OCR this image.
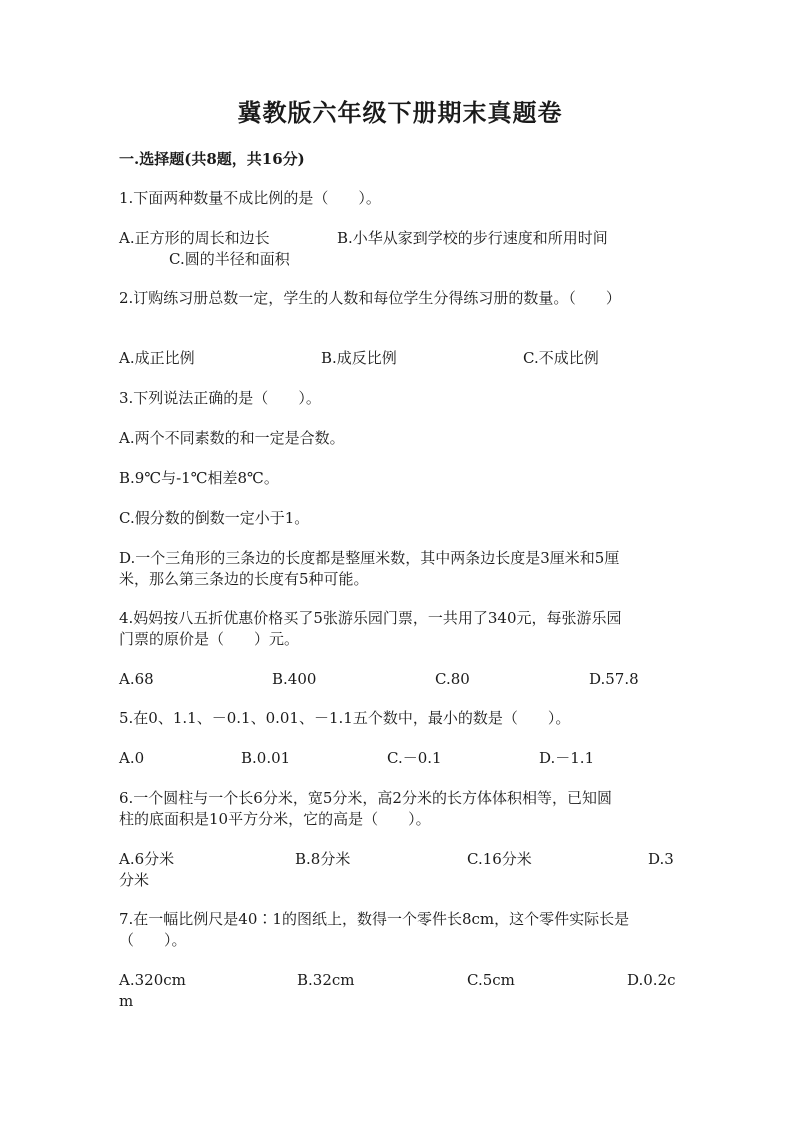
冀教版六年级下册期末真题卷
一.选择题(共8题，共16分)
1.下面两种数量不成比例的是（　　）。
A.正方形的周长和边长	B.小华从家到学校的步行速度和所用时间
C.圆的半径和面积
2.订购练习册总数一定，学生的人数和每位学生分得练习册的数量。（　　）
A.成正比例	B.成反比例	C.不成比例
3.下列说法正确的是（　　）。
A.两个不同素数的和一定是合数。
B.9℃与-1℃相差8℃。
C.假分数的倒数一定小于1。
D.一个三角形的三条边的长度都是整厘米数，其中两条边长度是3厘米和5厘
米，那么第三条边的长度有5种可能。
4.妈妈按八五折优惠价格买了5张游乐园门票，一共用了340元，每张游乐园
门票的原价是（　　）元。
A.68	B.400	C.80	D.57.8
5.在0、1.1、－0.1、0.01、－1.1五个数中，最小的数是（　　）。
A.0	B.0.01	C.－0.1	D.－1.1
6.一个圆柱与一个长6分米，宽5分米，高2分米的长方体体积相等，已知圆
柱的底面积是10平方分米，它的高是（　　）。
A.6分米	B.8分米	C.16分米	D.3
分米
7.在一幅比例尺是40∶1的图纸上，数得一个零件长8cm，这个零件实际长是
（　　）。
A.320cm	B.32cm	C.5cm	D.0.2c
m
